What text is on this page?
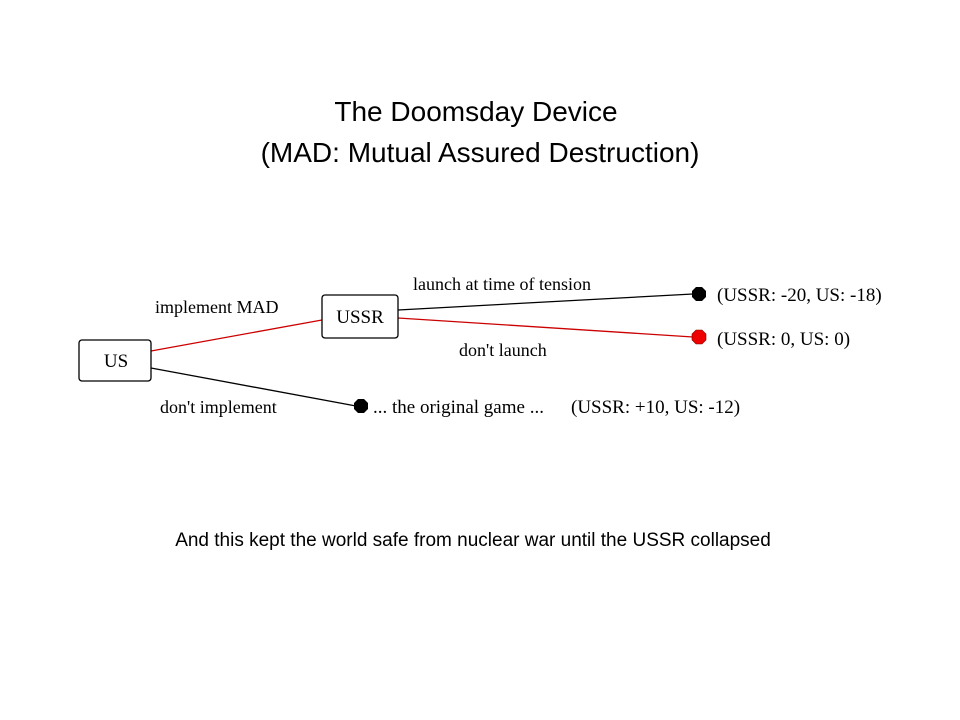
The Doomsday Device
(MAD: Mutual Assured Destruction)
US
USSR
implement MAD
don't implement
launch at time of tension
don't launch
(USSR: -20, US: -18)
(USSR: 0, US: 0)
... the original game ... (USSR: +10, US: -12)
And this kept the world safe from nuclear war until the USSR collapsed
